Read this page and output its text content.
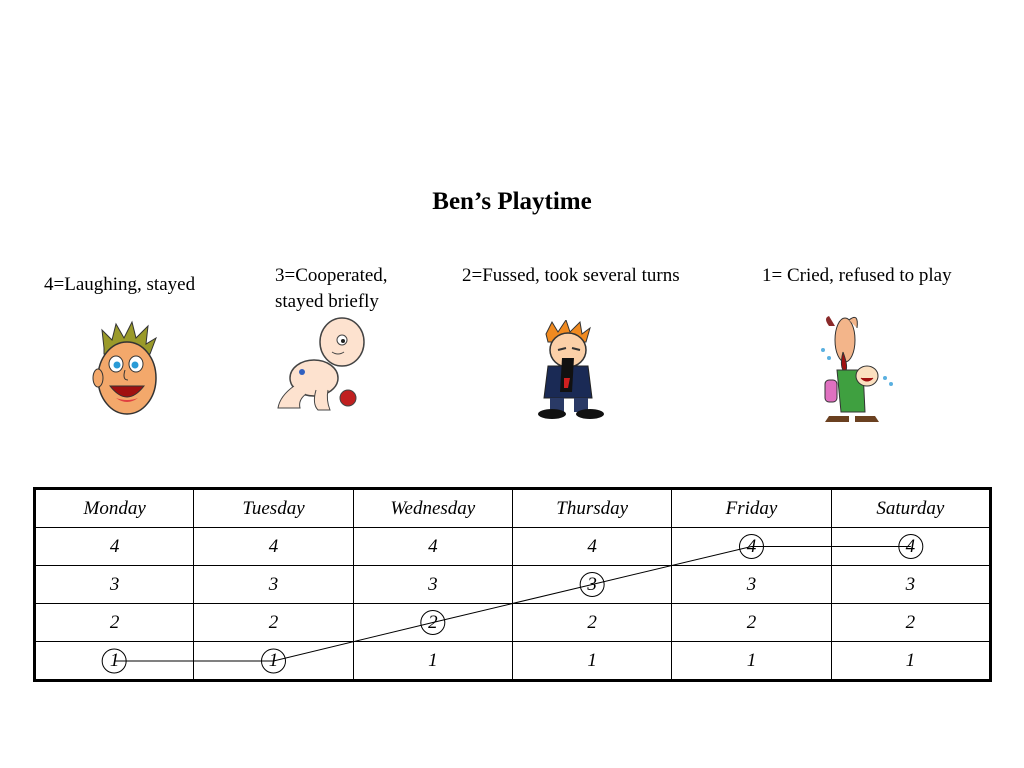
Ben’s Playtime
4=Laughing, stayed	3=Cooperated, stayed briefly
2=Fussed, took several turns	1= Cried, refused to play
Monday	Tuesday	Wednesday	Thursday	Friday	Saturday
4	4	4	4	4	4
3	3	3	3	3	3
2	2	2	2	2	2
1	1	1	1	1	1
